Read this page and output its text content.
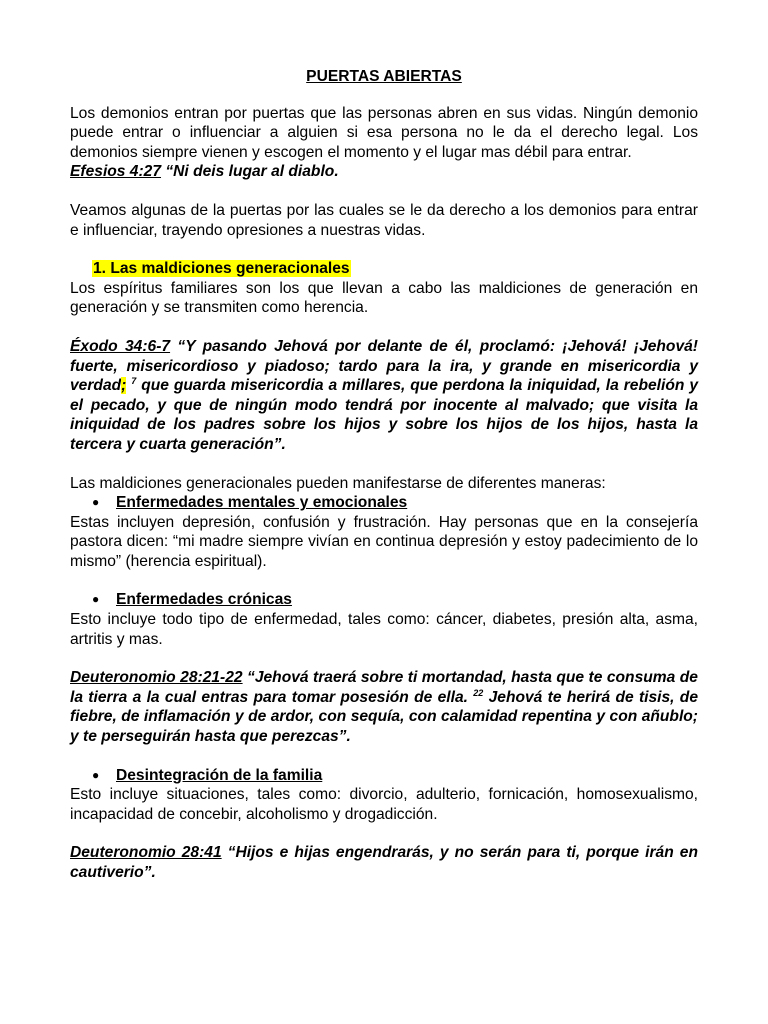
PUERTAS ABIERTAS

Los demonios entran por puertas que las personas abren en sus vidas. Ningún demonio puede entrar o influenciar a alguien si esa persona no le da el derecho legal. Los demonios siempre vienen y escogen el momento y el lugar mas débil para entrar.

Efesios 4:27 “Ni deis lugar al diablo.

Veamos algunas de la puertas por las cuales se le da derecho a los demonios para entrar e influenciar, trayendo opresiones a nuestras vidas.

1. Las maldiciones generacionales

Los espíritus familiares son los que llevan a cabo las maldiciones de generación en generación y se transmiten como herencia.

Éxodo 34:6-7 “Y pasando Jehová por delante de él, proclamó: ¡Jehová! ¡Jehová! fuerte, misericordioso y piadoso; tardo para la ira, y grande en misericordia y verdad; $^7$ que guarda misericordia a millares, que perdona la iniquidad, la rebelión y el pecado, y que de ningún modo tendrá por inocente al malvado; que visita la iniquidad de los padres sobre los hijos y sobre los hijos de los hijos, hasta la tercera y cuarta generación”.

Las maldiciones generacionales pueden manifestarse de diferentes maneras:

● Enfermedades mentales y emocionales

Estas incluyen depresión, confusión y frustración. Hay personas que en la consejería pastora dicen: “mi madre siempre vivían en continua depresión y estoy padecimiento de lo mismo” (herencia espiritual).

● Enfermedades crónicas

Esto incluye todo tipo de enfermedad, tales como: cáncer, diabetes, presión alta, asma, artritis y mas.

Deuteronomio 28:21-22 “Jehová traerá sobre ti mortandad, hasta que te consuma de la tierra a la cual entras para tomar posesión de ella. $^{22}$ Jehová te herirá de tisis, de fiebre, de inflamación y de ardor, con sequía, con calamidad repentina y con añublo; y te perseguirán hasta que perezcas”.

● Desintegración de la familia

Esto incluye situaciones, tales como: divorcio, adulterio, fornicación, homosexualismo, incapacidad de concebir, alcoholismo y drogadicción.

Deuteronomio 28:41 “Hijos e hijas engendrarás, y no serán para ti, porque irán en cautiverio”.
